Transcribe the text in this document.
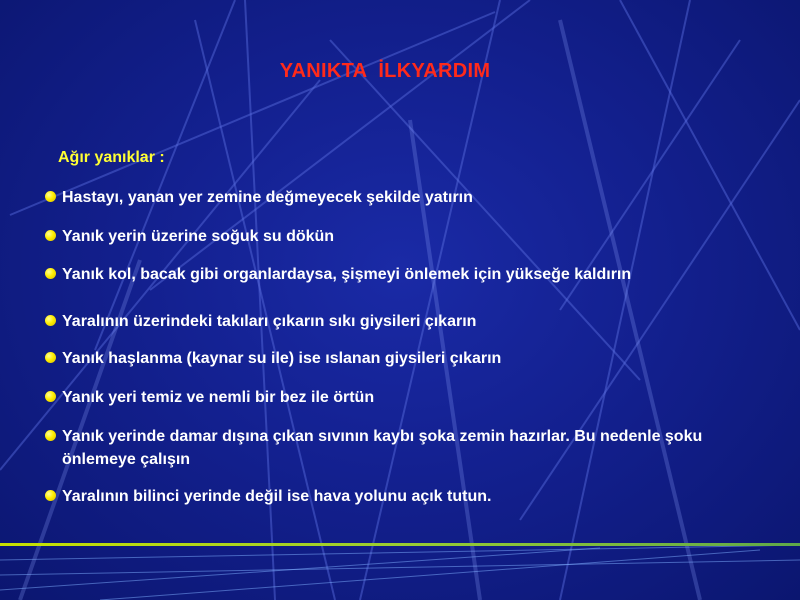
YANIKTA  İLKYARDIM
Ağır yanıklar :
Hastayı, yanan yer zemine değmeyecek şekilde yatırın
Yanık yerin üzerine soğuk su dökün
Yanık kol, bacak gibi organlardaysa, şişmeyi önlemek için yükseğe kaldırın
Yaralının üzerindeki takıları çıkarın sıkı giysileri çıkarın
Yanık haşlanma (kaynar su ile) ise ıslanan giysileri çıkarın
Yanık yeri temiz ve nemli bir bez ile örtün
Yanık yerinde damar dışına çıkan sıvının kaybı şoka zemin hazırlar. Bu nedenle şoku önlemeye çalışın
Yaralının bilinci yerinde değil ise hava yolunu açık tutun.
